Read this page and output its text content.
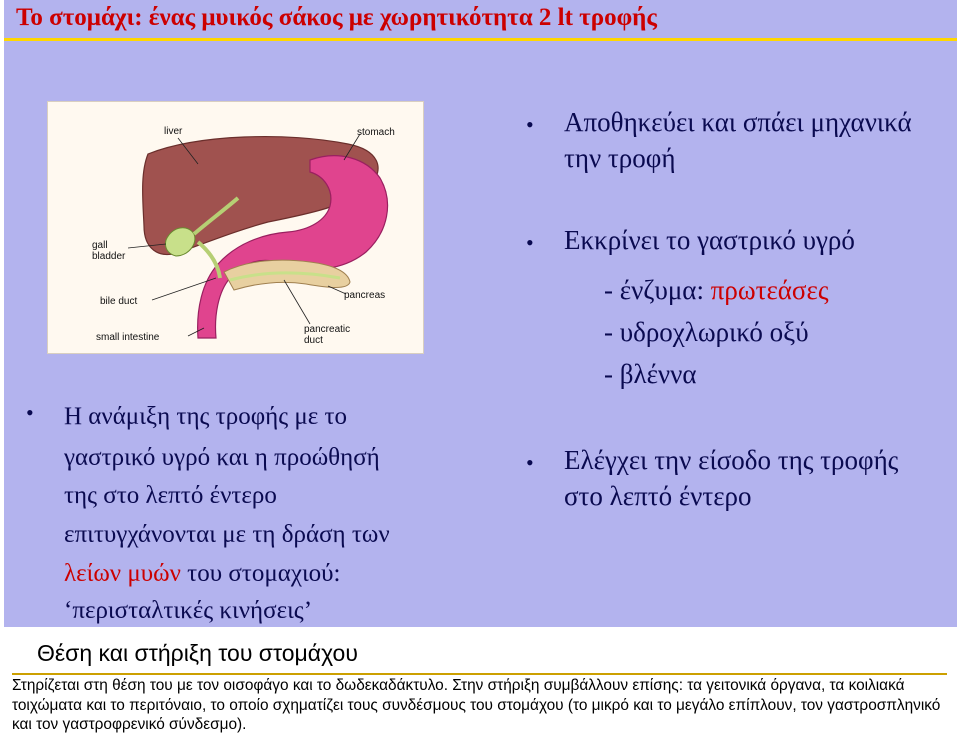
Το στομάχι: ένας μυικός σάκος με χωρητικότητα 2 lt τροφής
liver	stomach
gall
bladder
bile duct
pancreas
small intestine
pancreatic
duct
• Αποθηκεύει και σπάει μηχανικά
την τροφή
• Εκκρίνει το γαστρικό υγρό
- ένζυμα: πρωτεάσες
- υδροχλωρικό οξύ
- βλέννα
• Ελέγχει την είσοδο της τροφής
στο λεπτό έντερο
• Η ανάμιξη της τροφής με το
γαστρικό υγρό και η προώθησή
της στο λεπτό έντερο
επιτυγχάνονται με τη δράση των
λείων μυών του στομαχιού:
‘περισταλτικές κινήσεις’
Θέση και στήριξη του στομάχου
Στηρίζεται στη θέση του με τον οισοφάγο και το δωδεκαδάκτυλο. Στην στήριξη συμβάλλουν επίσης: τα γειτονικά όργανα, τα κοιλιακά τοιχώματα και το περιτόναιο, το οποίο σχηματίζει τους συνδέσμους του στομάχου (το μικρό και το μεγάλο επίπλουν, τον γαστροσπληνικό και τον γαστροφρενικό σύνδεσμο).
